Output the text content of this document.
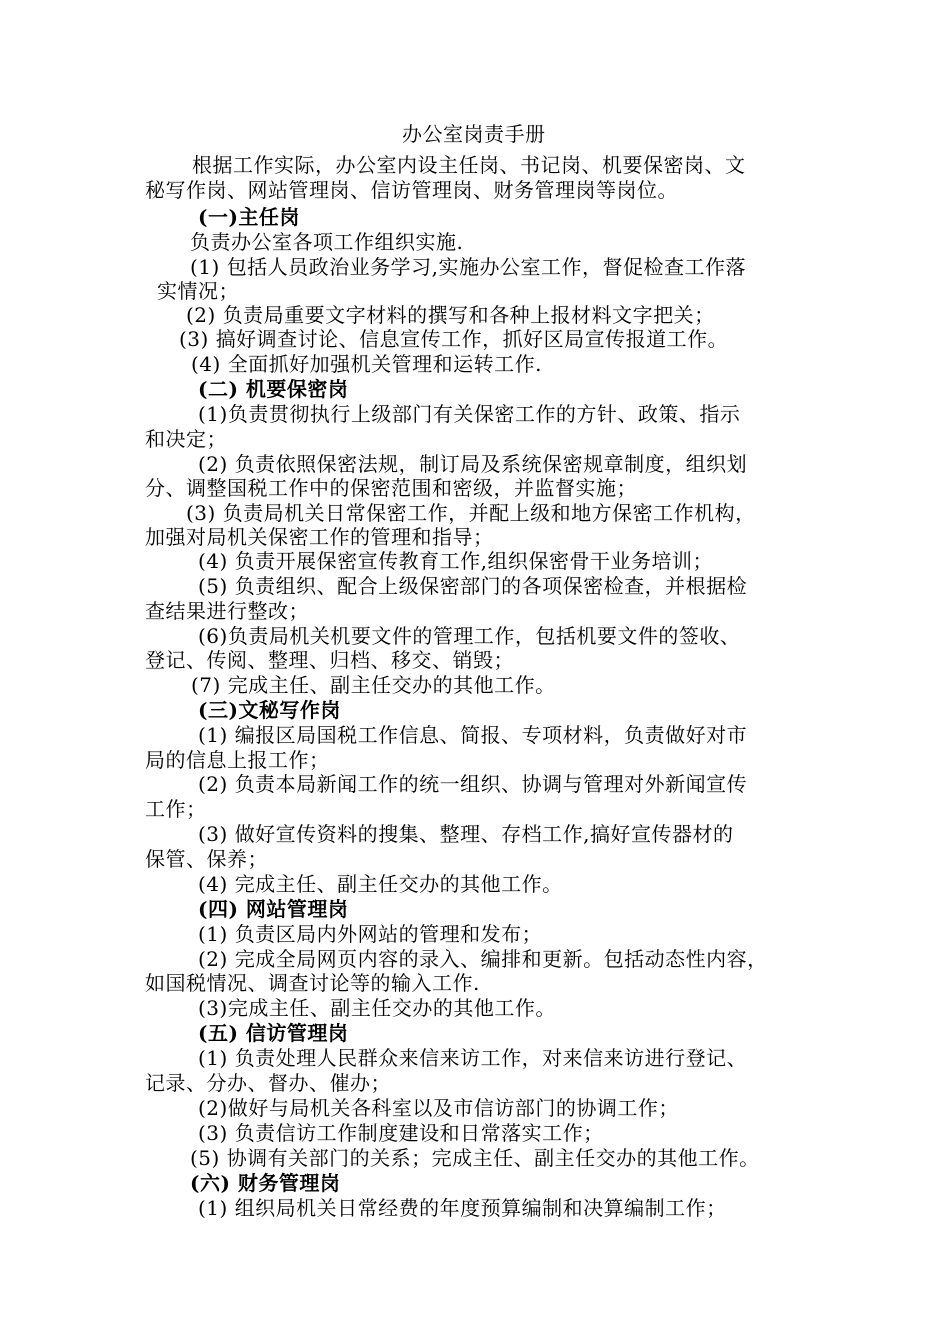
办公室岗责手册
根据工作实际，办公室内设主任岗、书记岗、机要保密岗、文
秘写作岗、网站管理岗、信访管理岗、财务管理岗等岗位。
(一)主任岗
负责办公室各项工作组织实施.
(1) 包括人员政治业务学习,实施办公室工作，督促检查工作落
实情况；
(2) 负责局重要文字材料的撰写和各种上报材料文字把关；
(3) 搞好调查讨论、信息宣传工作，抓好区局宣传报道工作。
(4) 全面抓好加强机关管理和运转工作.
(二) 机要保密岗
(1)负责贯彻执行上级部门有关保密工作的方针、政策、指示
和决定；
(2) 负责依照保密法规，制订局及系统保密规章制度，组织划
分、调整国税工作中的保密范围和密级，并监督实施；
(3) 负责局机关日常保密工作，并配上级和地方保密工作机构，
加强对局机关保密工作的管理和指导；
(4) 负责开展保密宣传教育工作,组织保密骨干业务培训；
(5) 负责组织、配合上级保密部门的各项保密检查，并根据检
查结果进行整改；
(6)负责局机关机要文件的管理工作，包括机要文件的签收、
登记、传阅、整理、归档、移交、销毁；
(7) 完成主任、副主任交办的其他工作。
(三)文秘写作岗
(1) 编报区局国税工作信息、简报、专项材料，负责做好对市
局的信息上报工作；
(2) 负责本局新闻工作的统一组织、协调与管理对外新闻宣传
工作；
(3) 做好宣传资料的搜集、整理、存档工作,搞好宣传器材的
保管、保养；
(4) 完成主任、副主任交办的其他工作。
(四) 网站管理岗
(1) 负责区局内外网站的管理和发布；
(2) 完成全局网页内容的录入、编排和更新。包括动态性内容，
如国税情况、调查讨论等的输入工作.
(3)完成主任、副主任交办的其他工作。
(五) 信访管理岗
(1) 负责处理人民群众来信来访工作，对来信来访进行登记、
记录、分办、督办、催办；
(2)做好与局机关各科室以及市信访部门的协调工作；
(3) 负责信访工作制度建设和日常落实工作；
(5) 协调有关部门的关系；完成主任、副主任交办的其他工作。
(六) 财务管理岗
(1) 组织局机关日常经费的年度预算编制和决算编制工作；
